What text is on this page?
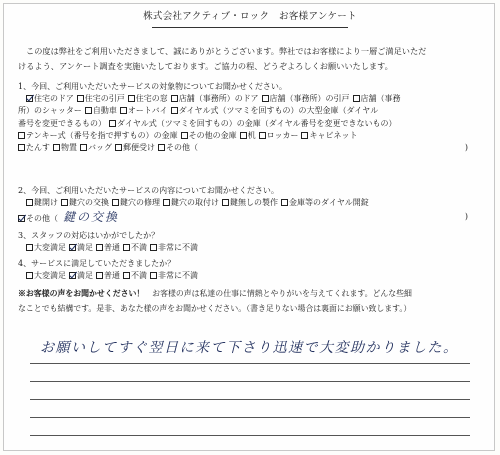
株式会社アクティブ・ロック　お客様アンケート
この度は弊社をご利用いただきまして、誠にありがとうございます。弊社ではお客様により一層ご満足いただ
けるよう、アンケート調査を実施いたしております。ご協力の程、どうぞよろしくお願いいたします。
1、今回、ご利用いただいたサービスの対象物についてお聞かせください。
住宅のドア 住宅の引戸 住宅の窓 店舗（事務所）のドア 店舗（事務所）の引戸 店舗（事務
所）のシャッター 自動車 オートバイ ダイヤル式（ツマミを回すもの）の大型金庫（ダイヤル
番号を変更できるもの） ダイヤル式（ツマミを回すもの）の金庫（ダイヤル番号を変更できないもの）
テンキー式（番号を指で押すもの）の金庫 その他の金庫 机 ロッカー キャビネット
たんす 物置 バッグ 郵便受け その他（	)
2、今回、ご利用いただいたサービスの内容についてお聞かせください。
鍵開け 鍵穴の交換 鍵穴の修理 鍵穴の取付け 鍵無しの製作 金庫等のダイヤル開錠
その他（ 鍵の交換	)
3、スタッフの対応はいかがでしたか？
大変満足 満足 普通 不満 非常に不満
4、サービスに満足していただきましたか？
大変満足 満足 普通 不満 非常に不満
※お客様の声をお聞かせください！　 お客様の声は私達の仕事に情熱とやりがいを与えてくれます。どんな些細
なことでも結構です。是非、あなた様の声をお聞かせください。（書き足りない場合は裏面にお願い致します。）
お願いしてすぐ翌日に来て下さり迅速で大変助かりました。
